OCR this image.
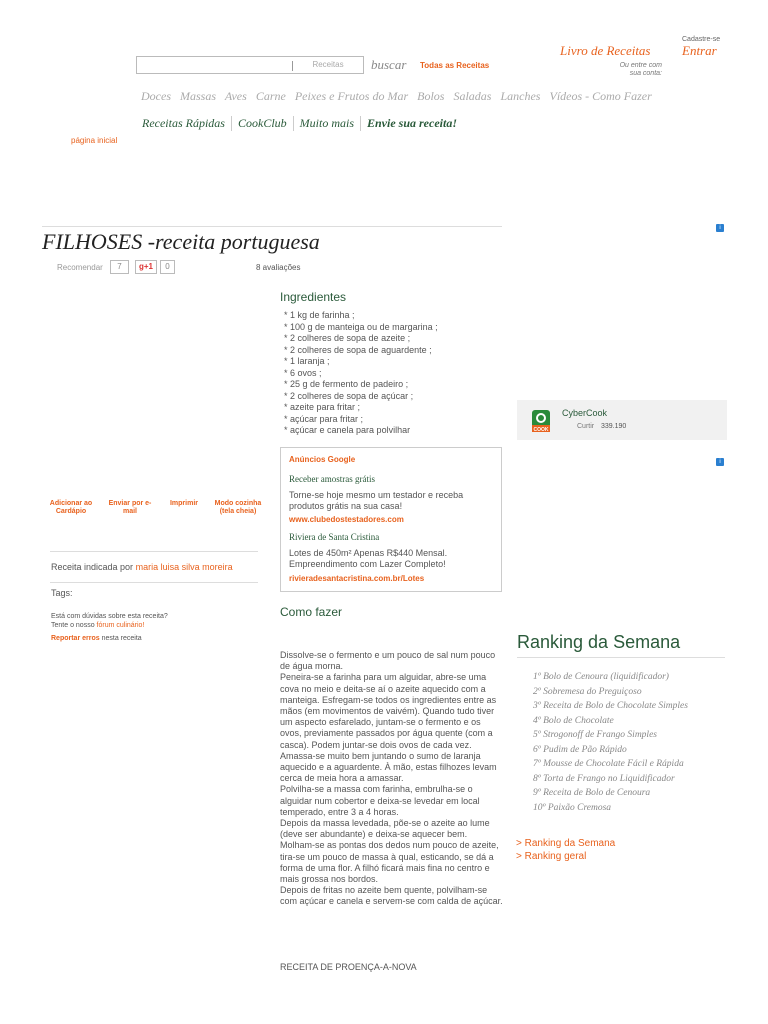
Receitas	buscar Todas as Receitas
Livro de Receitas
Cadastre-se
Entrar
Ou entre com
sua conta:
Doces Massas Aves Carne Peixes e Frutos do Mar Bolos Saladas Lanches Vídeos - Como Fazer
Receitas Rápidas CookClub Muito mais Envie sua receita!
página inicial
FILHOSES -receita portuguesa
Recomendar	7	g+1	0	8 avaliações
Ingredientes
* 1 kg de farinha ;
* 100 g de manteiga ou de margarina ;
* 2 colheres de sopa de azeite ;
* 2 colheres de sopa de aguardente ;
* 1 laranja ;
* 6 ovos ;
* 25 g de fermento de padeiro ;
* 2 colheres de sopa de açúcar ;
* azeite para fritar ;
* açúcar para fritar ;
* açúcar e canela para polvilhar
Anúncios Google
Receber amostras grátis
Torne-se hoje mesmo um testador e receba produtos grátis na sua casa!
www.clubedostestadores.com
Riviera de Santa Cristina
Lotes de 450m² Apenas R$440 Mensal. Empreendimento com Lazer Completo!
rivieradesantacristina.com.br/Lotes
Adicionar ao Cardápio
Enviar por e-mail
Imprimir	Modo cozinha (tela cheia)
Receita indicada por maria luisa silva moreira
Tags:
Está com dúvidas sobre esta receita?
Tente o nosso fórum culinário!
Reportar erros nesta receita
Como fazer
Dissolve-se o fermento e um pouco de sal num pouco de água morna.
Peneira-se a farinha para um alguidar, abre-se uma cova no meio e deita-se aí o azeite aquecido com a manteiga. Esfregam-se todos os ingredientes entre as mãos (em movimentos de vaivém). Quando tudo tiver um aspecto esfarelado, juntam-se o fermento e os ovos, previamente passados por água quente (com a casca). Podem juntar-se dois ovos de cada vez. Amassa-se muito bem juntando o sumo de laranja aquecido e a aguardente. À mão, estas filhozes levam cerca de meia hora a amassar.
Polvilha-se a massa com farinha, embrulha-se o alguidar num cobertor e deixa-se levedar em local temperado, entre 3 a 4 horas.
Depois da massa levedada, põe-se o azeite ao lume (deve ser abundante) e deixa-se aquecer bem. Molham-se as pontas dos dedos num pouco de azeite, tira-se um pouco de massa à qual, esticando, se dá a forma de uma flor. A filhó ficará mais fina no centro e mais grossa nos bordos.
Depois de fritas no azeite bem quente, polvilham-se com açúcar e canela e servem-se com calda de açúcar.
RECEITA DE PROENÇA-A-NOVA
i
COOK
CyberCook
Curtir 339.190
i
Ranking da Semana
1º Bolo de Cenoura (liquidificador)
2º Sobremesa do Preguiçoso
3º Receita de Bolo de Chocolate Simples
4º Bolo de Chocolate
5º Strogonoff de Frango Simples
6º Pudim de Pão Rápido
7º Mousse de Chocolate Fácil e Rápida
8º Torta de Frango no Liquidificador
9º Receita de Bolo de Cenoura
10º Paixão Cremosa
> Ranking da Semana
> Ranking geral
